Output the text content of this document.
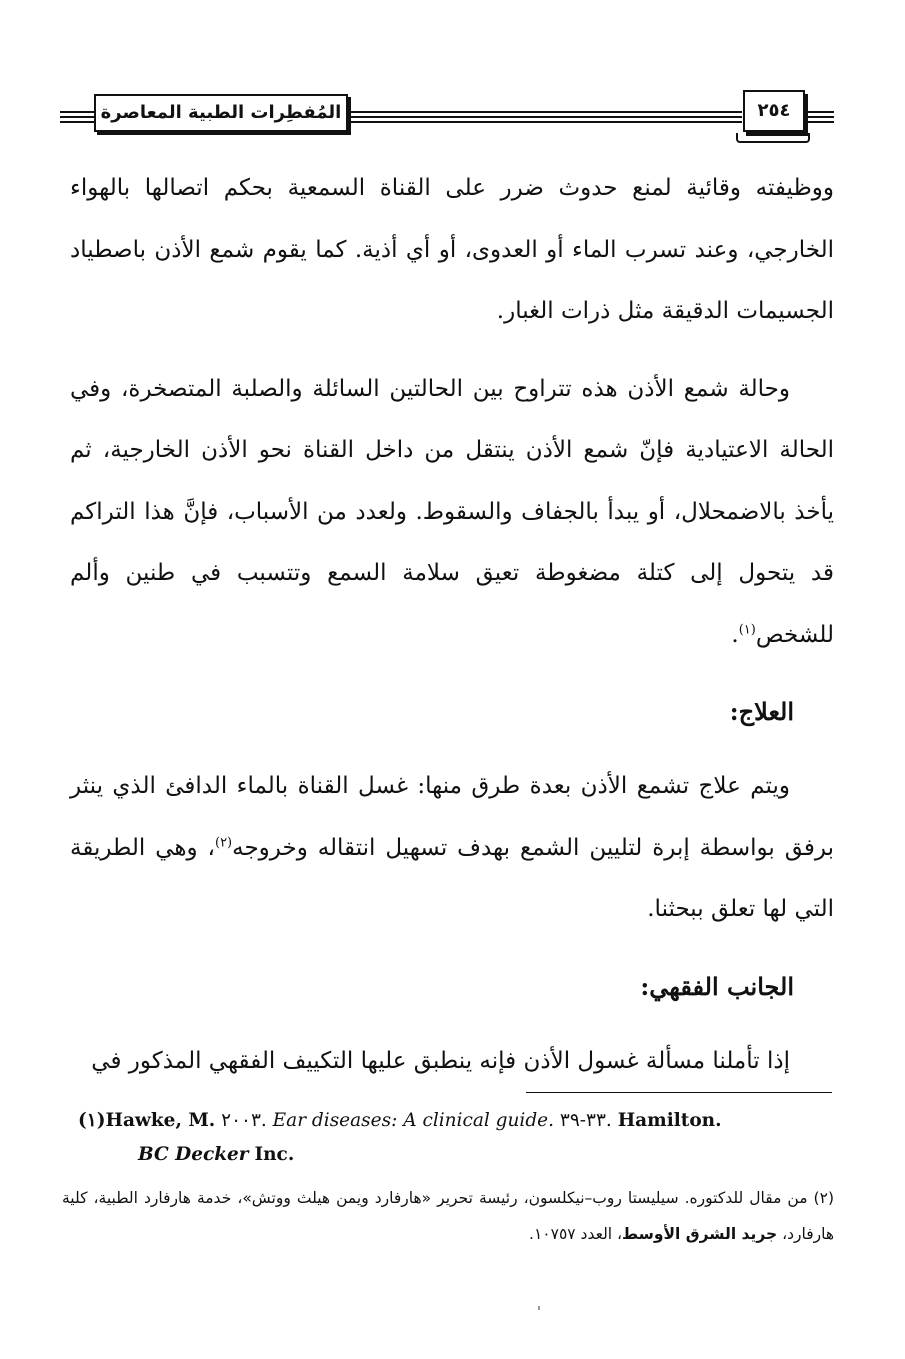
المُفطِرات الطبية المعاصرة	٢٥٤

ووظيفته وقائية لمنع حدوث ضرر على القناة السمعية بحكم اتصالها بالهواء الخارجي، وعند تسرب الماء أو العدوى، أو أي أذية. كما يقوم شمع الأذن باصطياد الجسيمات الدقيقة مثل ذرات الغبار.

وحالة شمع الأذن هذه تتراوح بين الحالتين السائلة والصلبة المتصخرة، وفي الحالة الاعتيادية فإنّ شمع الأذن ينتقل من داخل القناة نحو الأذن الخارجية، ثم يأخذ بالاضمحلال، أو يبدأ بالجفاف والسقوط. ولعدد من الأسباب، فإنَّ هذا التراكم قد يتحول إلى كتلة مضغوطة تعيق سلامة السمع وتتسبب في طنين وألم للشخص$^{(١)}$.

العلاج:

ويتم علاج تشمع الأذن بعدة طرق منها: غسل القناة بالماء الدافئ الذي ينثر برفق بواسطة إبرة لتليين الشمع بهدف تسهيل انتقاله وخروجه$^{(٢)}$، وهي الطريقة التي لها تعلق ببحثنا.

الجانب الفقهي:

إذا تأملنا مسألة غسول الأذن فإنه ينطبق عليها التكييف الفقهي المذكور في

(١)Hawke, M. ٢٠٠٣. Ear diseases: A clinical guide. ٣٣-٣٩. Hamilton.
BC Decker Inc.
(٢) من مقال للدكتوره. سيليستا روب–نيكلسون، رئيسة تحرير «هارفارد ويمن هيلث ووتش»، خدمة هارفارد الطبية، كلية هارفارد، جريد الشرق الأوسط، العدد ١٠٧٥٧.
